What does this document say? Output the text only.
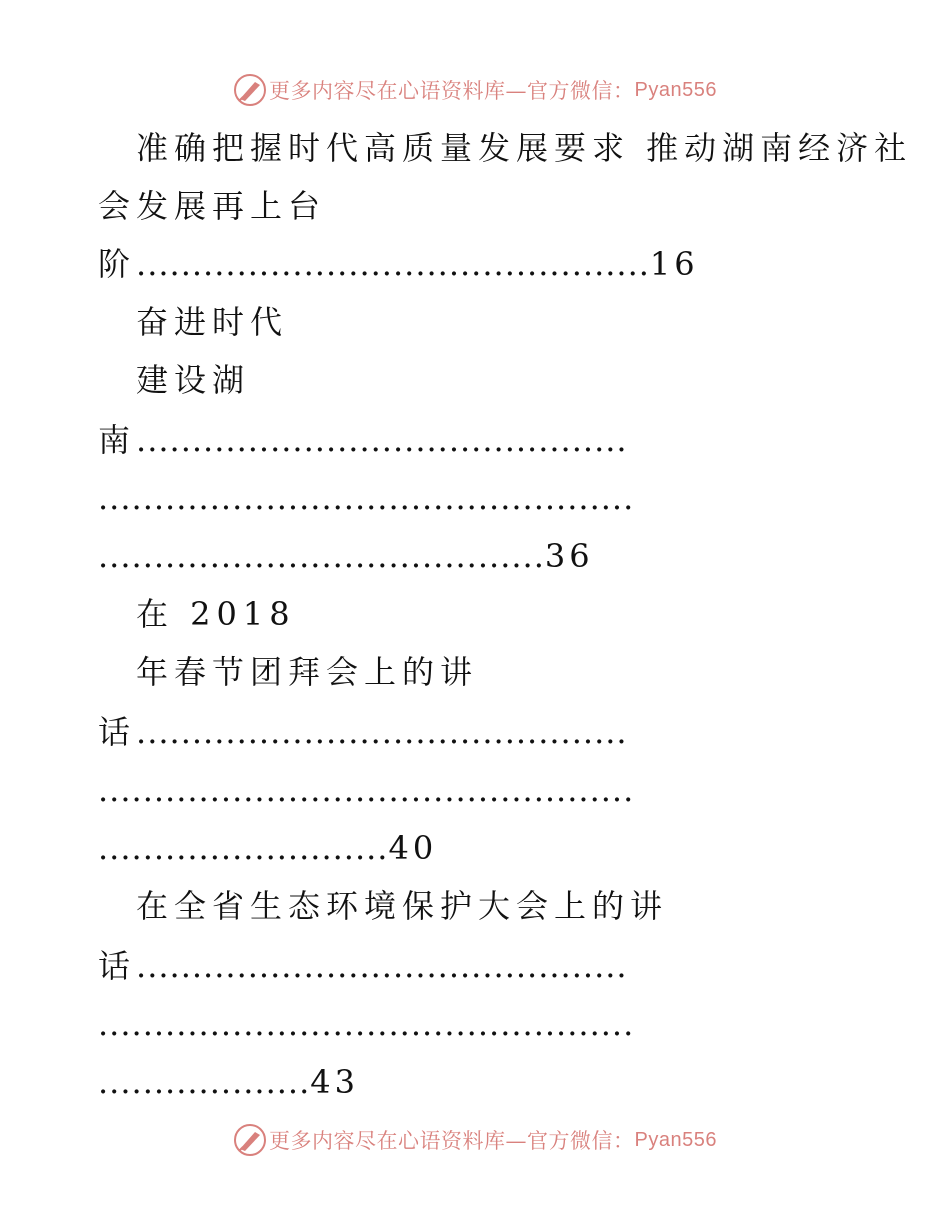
更多内容尽在心语资料库—官方微信： Pyan556
准确把握时代高质量发展要求 推动湖南经济社
会发展再上台
阶..............................................16
奋进时代
建设湖
南............................................
................................................
........................................36
在 2018
年春节团拜会上的讲
话............................................
................................................
..........................40
在全省生态环境保护大会上的讲
话............................................
................................................
...................43
更多内容尽在心语资料库—官方微信： Pyan556
